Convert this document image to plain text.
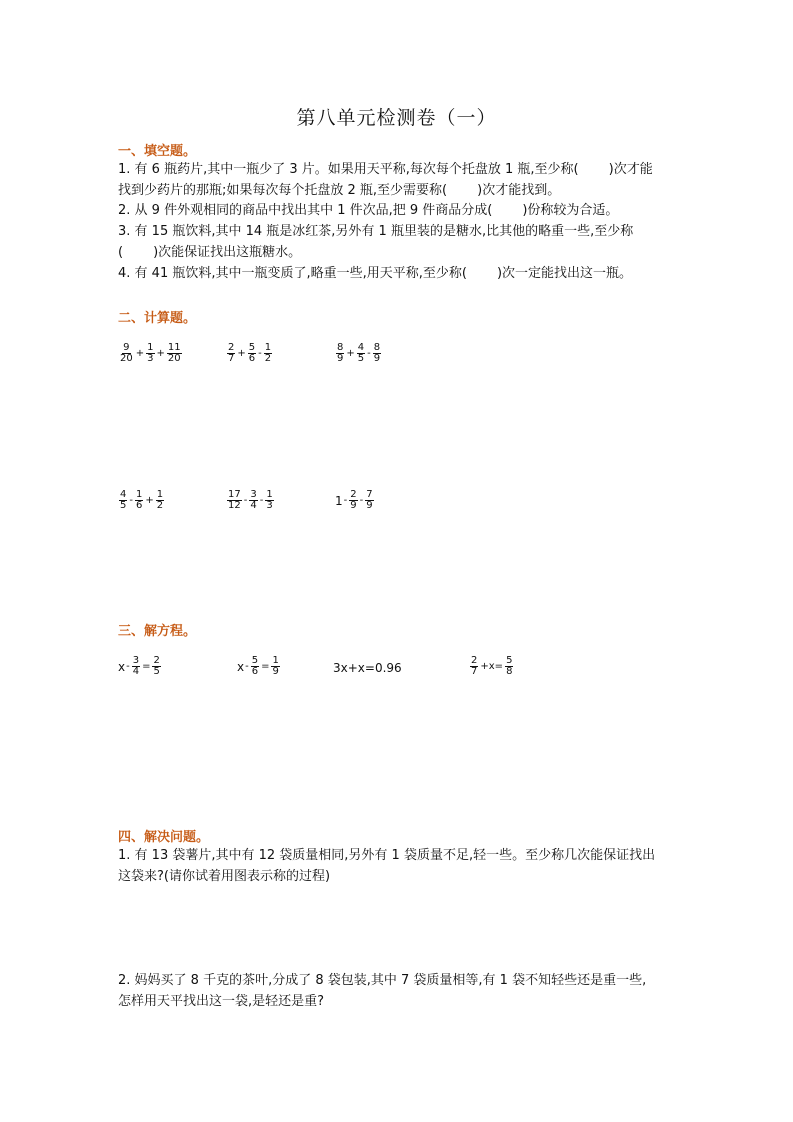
第八单元检测卷（一）
一、填空题。
1. 有 6 瓶药片,其中一瓶少了 3 片。如果用天平称,每次每个托盘放 1 瓶,至少称( )次才能
找到少药片的那瓶;如果每次每个托盘放 2 瓶,至少需要称( )次才能找到。
2. 从 9 件外观相同的商品中找出其中 1 件次品,把 9 件商品分成( )份称较为合适。
3. 有 15 瓶饮料,其中 14 瓶是冰红茶,另外有 1 瓶里装的是糖水,比其他的略重一些,至少称
( )次能保证找出这瓶糖水。
4. 有 41 瓶饮料,其中一瓶变质了,略重一些,用天平称,至少称( )次一定能找出这一瓶。
二、计算题。
$\frac{9}{20} + \frac{1}{3} + \frac{11}{20}$	$\frac{2}{7} + \frac{5}{6} - \frac{1}{2}$	$\frac{8}{9} + \frac{4}{5} - \frac{8}{9}$
$\frac{4}{5} - \frac{1}{6} + \frac{1}{2}$	$\frac{17}{12} - \frac{3}{4} - \frac{1}{3}$	$1 - \frac{2}{9} - \frac{7}{9}$
三、解方程。
$x - \frac{3}{4} = \frac{2}{5}$	$x - \frac{5}{6} = \frac{1}{9}$	3x+x=0.96	$\frac{2}{7} +x= \frac{5}{8}$
四、解决问题。
1. 有 13 袋薯片,其中有 12 袋质量相同,另外有 1 袋质量不足,轻一些。至少称几次能保证找出
这袋来?(请你试着用图表示称的过程)
2. 妈妈买了 8 千克的茶叶,分成了 8 袋包装,其中 7 袋质量相等,有 1 袋不知轻些还是重一些,
怎样用天平找出这一袋,是轻还是重?
